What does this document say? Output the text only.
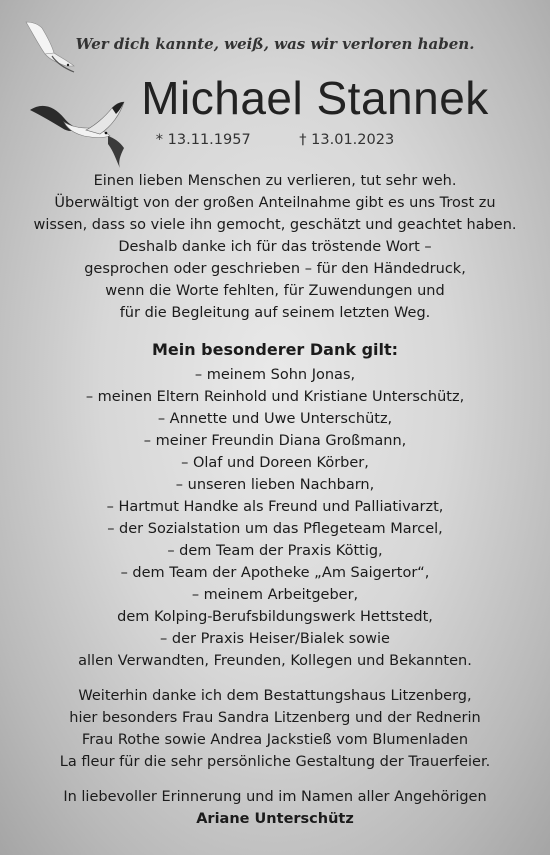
Wer dich kannte, weiß, was wir verloren haben.
Michael Stannek
* 13.11.1957	† 13.01.2023
Einen lieben Menschen zu verlieren, tut sehr weh.
Überwältigt von der großen Anteilnahme gibt es uns Trost zu
wissen, dass so viele ihn gemocht, geschätzt und geachtet haben.
Deshalb danke ich für das tröstende Wort –
gesprochen oder geschrieben – für den Händedruck,
wenn die Worte fehlten, für Zuwendungen und
für die Begleitung auf seinem letzten Weg.
Mein besonderer Dank gilt:
– meinem Sohn Jonas,
– meinen Eltern Reinhold und Kristiane Unterschütz,
– Annette und Uwe Unterschütz,
– meiner Freundin Diana Großmann,
– Olaf und Doreen Körber,
– unseren lieben Nachbarn,
– Hartmut Handke als Freund und Palliativarzt,
– der Sozialstation um das Pflegeteam Marcel,
– dem Team der Praxis Köttig,
– dem Team der Apotheke „Am Saigertor“,
– meinem Arbeitgeber,
dem Kolping-Berufsbildungswerk Hettstedt,
– der Praxis Heiser/Bialek sowie
allen Verwandten, Freunden, Kollegen und Bekannten.
Weiterhin danke ich dem Bestattungshaus Litzenberg,
hier besonders Frau Sandra Litzenberg und der Rednerin
Frau Rothe sowie Andrea Jackstieß vom Blumenladen
La fleur für die sehr persönliche Gestaltung der Trauerfeier.
In liebevoller Erinnerung und im Namen aller Angehörigen
Ariane Unterschütz
